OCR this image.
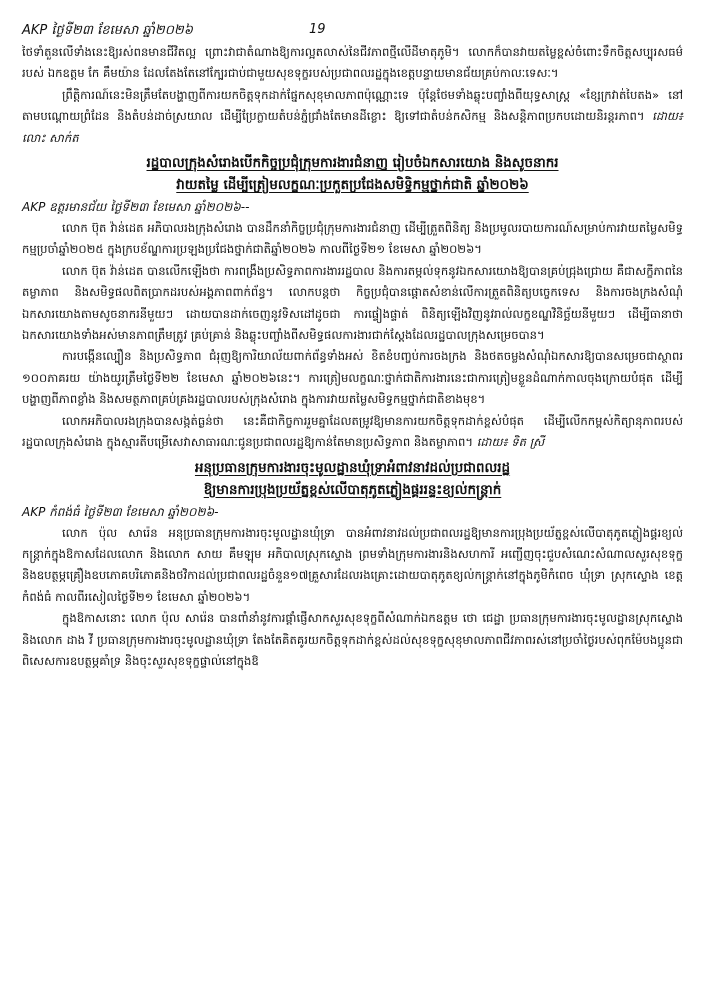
AKP ថ្ងៃទី២៣ ខែមេសា ឆ្នាំ២០២៦	19

ថៃទាំតួនលើទាំងនេះឱ្យរស់ពនមានជីវិតល្អ ព្រោះវាជាតំណាងឱ្យការល្អតលាស់នៃជីវភាពថ្មីលើដីមាតុភូមិ។ លោកក៏បានវាយតម្លៃខ្ពស់ចំពោះទឹកចិត្តសប្បុរសធម៌របស់ ឯកឧត្តម កែ គឹមយ៉ាន ដែលតែងតែនៅក្បែរជាប់ជាមួយសុខទុក្ខរបស់ប្រជាពលរដ្ឋក្នុងខេត្តបន្ទាយមានជ័យគ្រប់កាលៈទេសៈ។

ព្រឹត្តិការណ៍នេះមិនត្រឹមតែបង្ហាញពីការយកចិត្តទុកដាក់ផ្នែកសុខុមាលភាពប៉ុណ្ណោះទេ ប៉ុន្តែថែមទាំងឆ្លុះបញ្ចាំងពីយុទ្ធសាស្ត្រ «ខ្សែក្រវាត់បៃតង» នៅតាមបណ្ដោយព្រំដែន និងតំបន់ដាច់ស្រយាល ដើម្បីប្រែក្លាយតំបន់ភ្នំជ្រាំងតែមានដីខ្លោះ ឱ្យទៅជាតំបន់កសិកម្ម និងសន្តិភាពប្រកបដោយនិរន្តរភាព។ ដោយ៖លោះ សាក់ត

រដ្ឋបាលក្រុងសំរោងបើកកិច្ចប្រជុំក្រុមការងារជំនាញ រៀបចំឯកសារយោង និងសូចនាករ
វាយតម្លៃ ដើម្បីត្រៀមលក្ខណៈប្រកួតប្រជែងសមិទ្ធិកម្មថ្នាក់ជាតិ ឆ្នាំ២០២៦

AKP ឧត្ដរមានជ័យ ថ្ងៃទី២៣ ខែមេសា ឆ្នាំ២០២៦--

លោក ប៊ុត វ៉ាន់ដេត អភិបាលរងក្រុងសំរោង បានដឹកនាំកិច្ចប្រជុំក្រុមការងារជំនាញ ដើម្បីត្រួតពិនិត្យ និងប្រមូលរបាយការណ៍សម្រាប់ការវាយតម្លៃសមិទ្ធកម្មប្រចាំឆ្នាំ២០២៥ ក្នុងក្របខ័ណ្ឌការប្រឡងប្រជែងថ្នាក់ជាតិឆ្នាំ២០២៦ កាលពីថ្ងៃទី២១ ខែមេសា ឆ្នាំ២០២៦។

លោក ប៊ុត វ៉ាន់ដេត បានលើកឡើងថា ការពង្រឹងប្រសិទ្ធភាពការងាររដ្ឋបាល និងការតម្កល់ទុកនូវឯកសារយោងឱ្យបានគ្រប់ជ្រុងជ្រោយ គឺជាសក្ខីភាពនៃតម្លាភាព និងសមិទ្ធផលពិតប្រាកដរបស់អង្គភាពពាក់ព័ន្ធ។ លោកបន្តថា កិច្ចប្រជុំបានផ្ដោតសំខាន់លើការត្រួតពិនិត្យបច្ចេកទេស និងការចងក្រងសំណុំឯកសារយោងតាមសូចនាករនីមួយៗ ដោយបានដាក់ចេញនូវទិសដៅដូចជា ការផ្ទៀងផ្ទាត់ ពិនិត្យឡើងវិញនូវរាល់លក្ខខណ្ឌវិនិច្ឆ័យនីមួយៗ ដើម្បីធានាថាឯកសារយោងទាំងអស់មានភាពត្រឹមត្រូវ គ្រប់គ្រាន់ និងឆ្លុះបញ្ចាំងពីសមិទ្ធផលការងារជាក់ស្ដែងដែលរដ្ឋបាលក្រុងសម្រេចបាន។

ការបង្កើនល្បឿន និងប្រសិទ្ធភាព ជំរុញឱ្យការិយាល័យពាក់ព័ន្ធទាំងអស់ ខិតខំបញ្ចប់ការចងក្រង និងថតចម្លងសំណុំឯកសារឱ្យបានសម្រេចជាស្ថាពរ ១០០ភាគរយ យ៉ាងយូរត្រឹមថ្ងៃទី២២ ខែមេសា ឆ្នាំ២០២៦នេះ។ ការត្រៀមលក្ខណៈថ្នាក់ជាតិការងារនេះជាការត្រៀមខ្លួនដំណាក់កាលចុងក្រោយបំផុត ដើម្បីបង្ហាញពីភាពខ្លាំង និងសមត្ថភាពគ្រប់គ្រងរដ្ឋបាលរបស់ក្រុងសំរោង ក្នុងការវាយតម្លៃសមិទ្ធកម្មថ្នាក់ជាតិខាងមុខ។

លោកអភិបាលរងក្រុងបានសង្កត់ធ្ងន់ថា នេះគឺជាកិច្ចការរួមគ្នាដែលតម្រូវឱ្យមានការយកចិត្តទុកដាក់ខ្ពស់បំផុត ដើម្បីលើកកម្ពស់កិត្យានុភាពរបស់រដ្ឋបាលក្រុងសំរោង ក្នុងស្មារតីបម្រើសេវាសាធារណៈជូនប្រជាពលរដ្ឋឱ្យកាន់តែមានប្រសិទ្ធភាព និងតម្លាភាព។ ដោយ៖ ទិត ស្រី

អនុប្រធានក្រុមការងារចុះមូលដ្ឋានឃុំទ្រាអំពាវនាវដល់ប្រជាពលរដ្ឋ
ឱ្យមានការប្រុងប្រយ័ត្នខ្ពស់លើបាតុភូតភ្លៀងផ្គររន្ទះខ្យល់កន្ត្រាក់

AKP កំពង់ធំ ថ្ងៃទី២៣ ខែមេសា ឆ្នាំ២០២៦-

លោក ប៉ុល សារ៉េន អនុប្រធានក្រុមការងារចុះមូលដ្ឋានឃុំទ្រា បានអំពាវនាវដល់ប្រជាពលរដ្ឋឱ្យមានការប្រុងប្រយ័ត្នខ្ពស់លើបាតុភូតភ្លៀងផ្គរខ្យល់កន្ត្រាក់ក្នុងឱកាសដែលលោក និងលោក សាយ គឹមឡុម អភិបាលស្រុកស្ទោង ព្រមទាំងក្រុមការងារនិងសហការី អញ្ជើញចុះជួបសំណេះសំណាលសួរសុខទុក្ខ និងឧបត្ថម្ភគ្រឿងឧបភោគបរិភោគនិងថវិកាដល់ប្រជាពលរដ្ឋចំនួន១៧គ្រួសារដែលរងគ្រោះដោយបាតុភូតខ្យល់កន្ត្រាក់នៅក្នុងភូមិកំពេច ឃុំទ្រា ស្រុកស្ទោង ខេត្តកំពង់ធំ កាលពីរសៀលថ្ងៃទី២១ ខែមេសា ឆ្នាំ២០២៦។

ក្នុងឱកាសនោះ លោក ប៉ុល សារ៉េន បានពាំនាំនូវការផ្ដាំផ្ញើសាកសួរសុខទុក្ខពីសំណាក់ឯកឧត្តម ថោ ជេដ្ឋា ប្រធានក្រុមការងារចុះមូលដ្ឋានស្រុកស្ទោង និងលោក ដាង វី ប្រធានក្រុមការងារចុះមូលដ្ឋានឃុំទ្រា តែងតែគិតគូរយកចិត្តទុកដាក់ខ្ពស់ដល់សុខទុក្ខសុខុមាលភាពជីវភាពរស់នៅប្រចាំថ្ងៃរបស់ពុកម៉ែបងប្អូនជាពិសេសការឧបត្ថម្ភគាំទ្រ និងចុះសួរសុខទុក្ខផ្ទាល់នៅក្នុងឱ
